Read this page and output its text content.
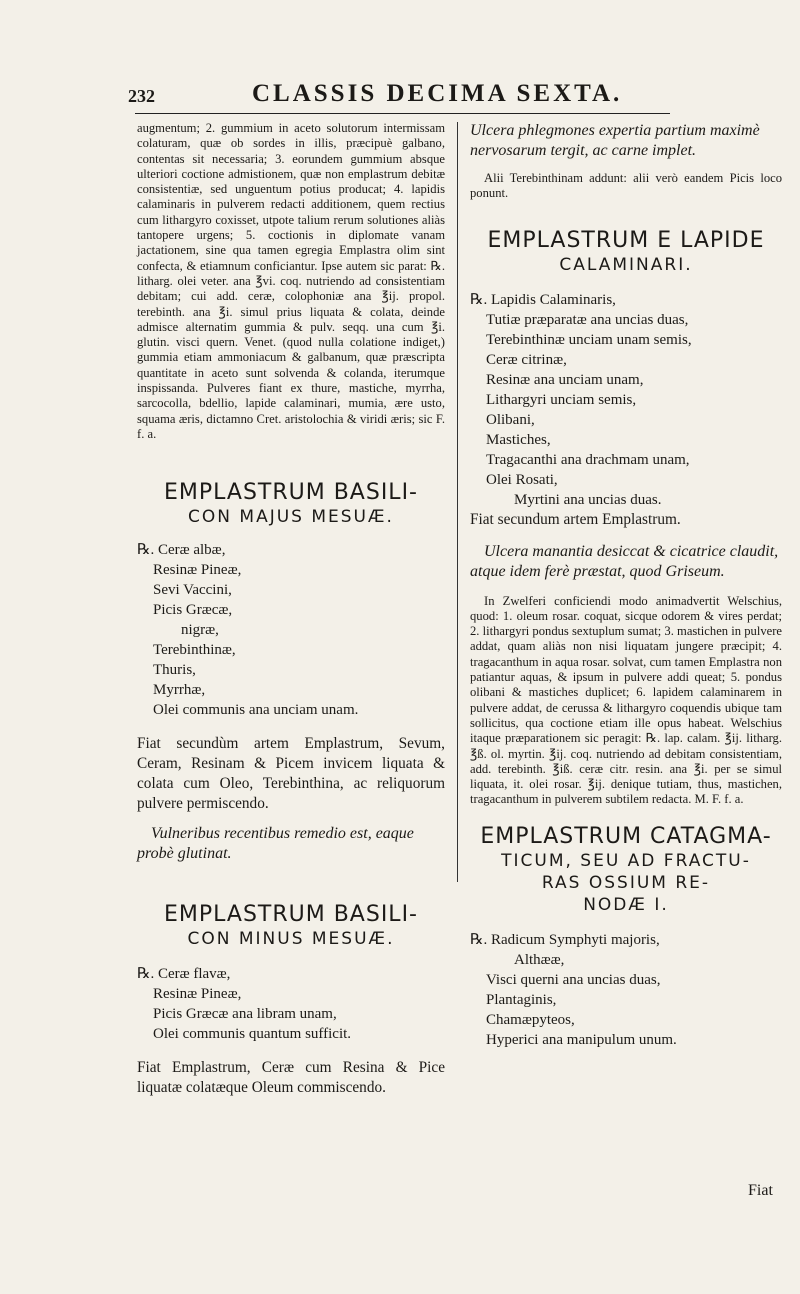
232	CLASSIS DECIMA SEXTA.

augmentum; 2. gummium in aceto solutorum intermissam colaturam, quæ ob sordes in illis, præcipuè galbano, contentas sit necessaria; 3. eorundem gummium absque ulteriori coctione admistionem, quæ non emplastrum debitæ consistentiæ, sed unguentum potius producat; 4. lapidis calaminaris in pulverem redacti additionem, quem rectius cum lithargyro coxisset, utpote talium rerum solutiones aliàs tantopere urgens; 5. coctionis in diplomate vanam jactationem, sine qua tamen egregia Emplastra olim sint confecta, & etiamnum conficiantur. Ipse autem sic parat: ℞. litharg. olei veter. ana ℥vi. coq. nutriendo ad consistentiam debitam; cui add. ceræ, colophoniæ ana ℥ij. propol. terebinth. ana ℥i. simul prius liquata & colata, deinde admisce alternatim gummia & pulv. seqq. una cum ℥i. glutin. visci quern. Venet. (quod nulla colatione indiget,) gummia etiam ammoniacum & galbanum, quæ præscripta quantitate in aceto sunt solvenda & colanda, iterumque inspissanda. Pulveres fiant ex thure, mastiche, myrrha, sarcocolla, bdellio, lapide calaminari, mumia, ære usto, squama æris, dictamno Cret. aristolochia & viridi æris; sic F. f. a.

EMPLASTRUM BASILI-

CON MAJUS MESUÆ.

℞. Ceræ albæ,
Resinæ Pineæ,
Sevi Vaccini,
Picis Græcæ,
nigræ,
Terebinthinæ,
Thuris,
Myrrhæ,
Olei communis ana unciam unam.

Fiat secundùm artem Emplastrum, Sevum, Ceram, Resinam & Picem invicem liquata & colata cum Oleo, Terebinthina, ac reliquorum pulvere permiscendo.

Vulneribus recentibus remedio est, eaque probè glutinat.

EMPLASTRUM BASILI-

CON MINUS MESUÆ.

℞. Ceræ flavæ,
Resinæ Pineæ,
Picis Græcæ ana libram unam,
Olei communis quantum sufficit.

Fiat Emplastrum, Ceræ cum Resina & Pice liquatæ colatæque Oleum commiscendo.

Ulcera phlegmones expertia partium maximè nervosarum tergit, ac carne implet.

Alii Terebinthinam addunt: alii verò eandem Picis loco ponunt.

EMPLASTRUM E LAPIDE

CALAMINARI.

℞. Lapidis Calaminaris,
Tutiæ præparatæ ana uncias duas,
Terebinthinæ unciam unam semis,
Ceræ citrinæ,
Resinæ ana unciam unam,
Lithargyri unciam semis,
Olibani,
Mastiches,
Tragacanthi ana drachmam unam,
Olei Rosati,
Myrtini ana uncias duas.

Fiat secundum artem Emplastrum.

Ulcera manantia desiccat & cicatrice claudit, atque idem ferè præstat, quod Griseum.

In Zwelferi conficiendi modo animadvertit Welschius, quod: 1. oleum rosar. coquat, sicque odorem & vires perdat; 2. lithargyri pondus sextuplum sumat; 3. mastichen in pulvere addat, quam aliàs non nisi liquatam jungere præcipit; 4. tragacanthum in aqua rosar. solvat, cum tamen Emplastra non patiantur aquas, & ipsum in pulvere addi queat; 5. pondus olibani & mastiches duplicet; 6. lapidem calaminarem in pulvere addat, de cerussa & lithargyro coquendis ubique tam sollicitus, qua coctione etiam ille opus habeat. Welschius itaque præparationem sic peragit: ℞. lap. calam. ℥ij. litharg. ℥ß. ol. myrtin. ℥ij. coq. nutriendo ad debitam consistentiam, add. terebinth. ℥iß. ceræ citr. resin. ana ℥i. per se simul liquata, it. olei rosar. ℥ij. denique tutiam, thus, mastichen, tragacanthum in pulverem subtilem redacta. M. F. f. a.

EMPLASTRUM CATAGMA-

TICUM, SEU AD FRACTU-

RAS OSSIUM RE-

NODÆ I.

℞. Radicum Symphyti majoris,
Althææ,
Visci querni ana uncias duas,
Plantaginis,
Chamæpyteos,
Hyperici ana manipulum unum.
Fiat
